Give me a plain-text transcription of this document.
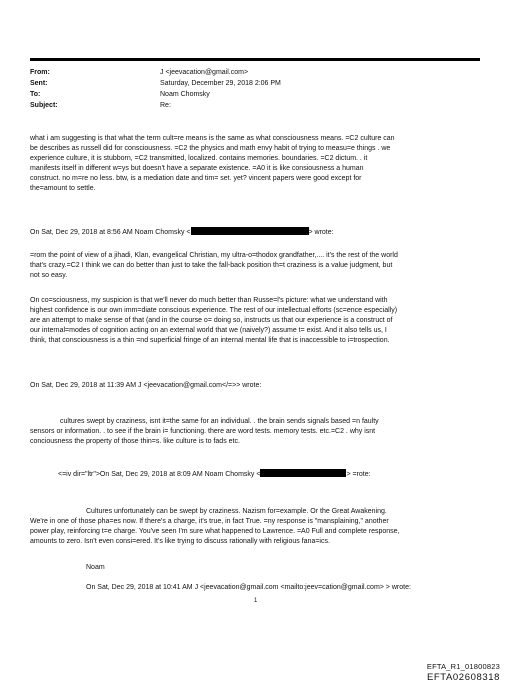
From:	J <jeevacation@gmail.com>
Sent:	Saturday, December 29, 2018 2:06 PM
To:	Noam Chomsky
Subject:	Re:
what i am suggesting is that what the term cult=re means is the same as what consciousness means. =C2 culture can
be describes as russell did for consciousness. =C2 the physics and math envy habit of trying to measu=e things . we
experience culture, it is stubborn, =C2 transmitted, localized. contains memories. boundaries. =C2 dictum. . it
manifests itself in different w=ys but doesn't have a separate existence. =A0 it is like consiousness a human
construct. no m=re no less. btw, is a mediation date and tim= set. yet? vincent papers were good except for
the=amount to settle.
On Sat, Dec 29, 2018 at 8:56 AM Noam Chomsky <	> wrote:
=rom the point of view of a jihadi, Klan, evangelical Christian, my ultra-o=thodox grandfather,.... it's the rest of the world
that's crazy.=C2 I think we can do better than just to take the fall-back position th=t craziness is a value judgment, but
not so easy.
On co=sciousness, my suspicion is that we'll never do much better than Russe=l's picture: what we understand with
highest confidence is our own imm=diate conscious experience. The rest of our intellectual efforts (sc=ence especially)
are an attempt to make sense of that (and in the course o= doing so, instructs us that our experience is a construct of
our internal=modes of cognition acting on an external world that we (naively?) assume t= exist. And it also tells us, I
think, that consciousness is a thin =nd superficial fringe of an internal mental life that is inaccessible to i=trospection.
On Sat, Dec 29, 2018 at 11:39 AM J <jeevacation@gmail.com</=>> wrote:
cultures swept by craziness, isnt it=the same for an individual. . the brain sends signals based =n faulty
sensors or information. . to see if the brain i= functioning. there are word tests. memory tests. etc.=C2 . why isnt
conciousness the property of those thin=s. like culture is to fads etc.
<=iv dir="ltr">On Sat, Dec 29, 2018 at 8:09 AM Noam Chomsky <	> =rote:
Cultures unfortunately can be swept by craziness. Nazism for=example. Or the Great Awakening.
We're in one of those pha=es now. If there's a charge, it's true, in fact True. =ny response is "mansplaining," another
power play, reinforcing t=e charge. You've seen I'm sure what happened to Lawrence. =A0 Full and complete response,
amounts to zero. Isn't even consi=ered. It's like trying to discuss rationally with religious fana=ics.
Noam
On Sat, Dec 29, 2018 at 10:41 AM J <jeevacation@gmail.com <mailto:jeev=cation@gmail.com> > wrote:
1
EFTA_R1_01800823
EFTA02608318
